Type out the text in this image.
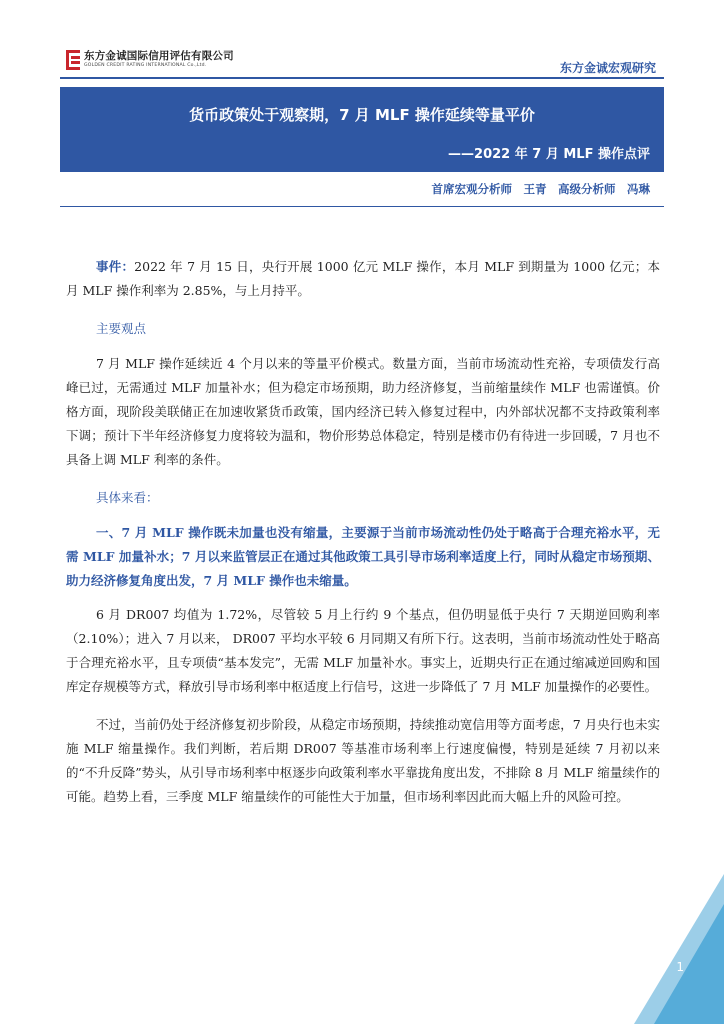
东方金诚国际信用评估有限公司
GOLDEN CREDIT RATING INTERNATIONAL Co.,Ltd.	东方金诚宏观研究
货币政策处于观察期，7 月 MLF 操作延续等量平价
——2022 年 7 月 MLF 操作点评
首席宏观分析师　王青　高级分析师　冯琳

事件：2022 年 7 月 15 日，央行开展 1000 亿元 MLF 操作，本月 MLF 到期量为 1000 亿元；本月 MLF 操作利率为 2.85%，与上月持平。

主要观点

7 月 MLF 操作延续近 4 个月以来的等量平价模式。数量方面，当前市场流动性充裕，专项债发行高峰已过，无需通过 MLF 加量补水；但为稳定市场预期，助力经济修复，当前缩量续作 MLF 也需谨慎。价格方面，现阶段美联储正在加速收紧货币政策，国内经济已转入修复过程中，内外部状况都不支持政策利率下调；预计下半年经济修复力度将较为温和，物价形势总体稳定，特别是楼市仍有待进一步回暖，7 月也不具备上调 MLF 利率的条件。

具体来看：

一、7 月 MLF 操作既未加量也没有缩量，主要源于当前市场流动性仍处于略高于合理充裕水平，无需 MLF 加量补水；7 月以来监管层正在通过其他政策工具引导市场利率适度上行，同时从稳定市场预期、助力经济修复角度出发，7 月 MLF 操作也未缩量。

6 月 DR007 均值为 1.72%，尽管较 5 月上行约 9 个基点，但仍明显低于央行 7 天期逆回购利率（2.10%）；进入 7 月以来， DR007 平均水平较 6 月同期又有所下行。这表明，当前市场流动性处于略高于合理充裕水平，且专项债“基本发完”，无需 MLF 加量补水。事实上，近期央行正在通过缩减逆回购和国库定存规模等方式，释放引导市场利率中枢适度上行信号，这进一步降低了 7 月 MLF 加量操作的必要性。

不过，当前仍处于经济修复初步阶段，从稳定市场预期，持续推动宽信用等方面考虑，7 月央行也未实施 MLF 缩量操作。我们判断，若后期 DR007 等基准市场利率上行速度偏慢，特别是延续 7 月初以来的“不升反降”势头，从引导市场利率中枢逐步向政策利率水平靠拢角度出发，不排除 8 月 MLF 缩量续作的可能。趋势上看，三季度 MLF 缩量续作的可能性大于加量，但市场利率因此而大幅上升的风险可控。

1
